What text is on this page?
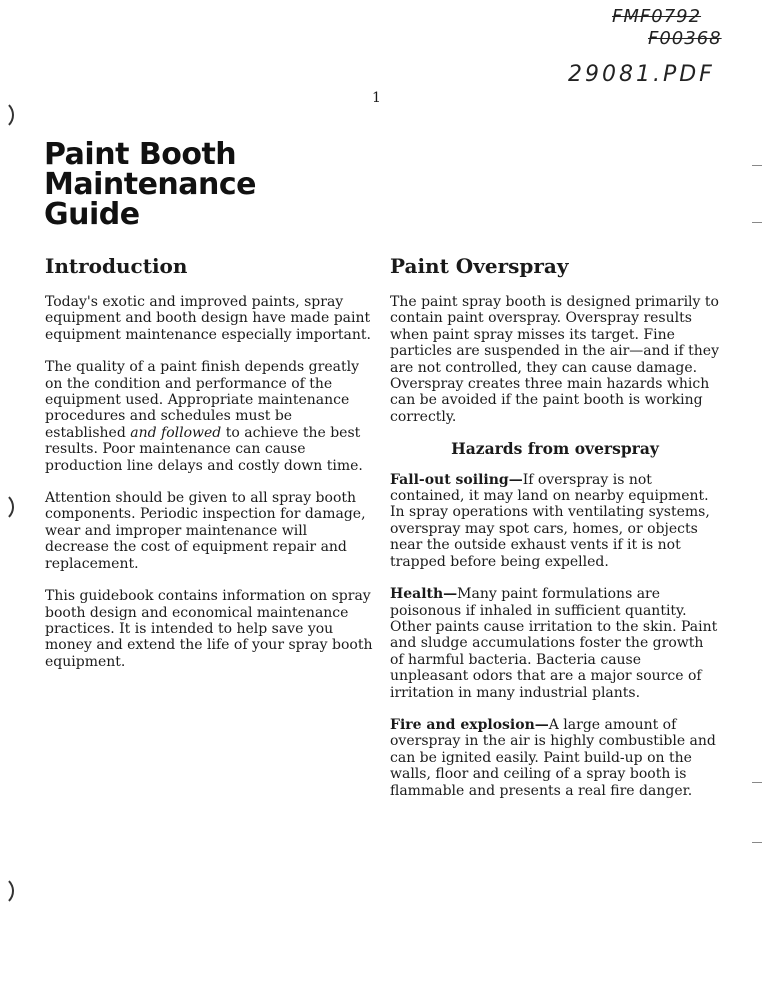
FMF0792
F00368
29081.PDF
1
Paint Booth
Maintenance
Guide
Introduction

Today's exotic and improved paints, spray equipment and booth design have made paint equipment maintenance especially important.

The quality of a paint finish depends greatly on the condition and performance of the equipment used. Appropriate maintenance procedures and schedules must be established and followed to achieve the best results. Poor maintenance can cause production line delays and costly down time.

Attention should be given to all spray booth components. Periodic inspection for damage, wear and improper maintenance will decrease the cost of equipment repair and replacement.

This guidebook contains information on spray booth design and economical maintenance practices. It is intended to help save you money and extend the life of your spray booth equipment.

Paint Overspray

The paint spray booth is designed primarily to contain paint overspray. Overspray results when paint spray misses its target. Fine particles are suspended in the air—and if they are not controlled, they can cause damage. Overspray creates three main hazards which can be avoided if the paint booth is working correctly.

Hazards from overspray

Fall-out soiling—If overspray is not contained, it may land on nearby equipment. In spray operations with ventilating systems, overspray may spot cars, homes, or objects near the outside exhaust vents if it is not trapped before being expelled.

Health—Many paint formulations are poisonous if inhaled in sufficient quantity. Other paints cause irritation to the skin. Paint and sludge accumulations foster the growth of harmful bacteria. Bacteria cause unpleasant odors that are a major source of irritation in many industrial plants.

Fire and explosion—A large amount of overspray in the air is highly combustible and can be ignited easily. Paint build-up on the walls, floor and ceiling of a spray booth is flammable and presents a real fire danger.
